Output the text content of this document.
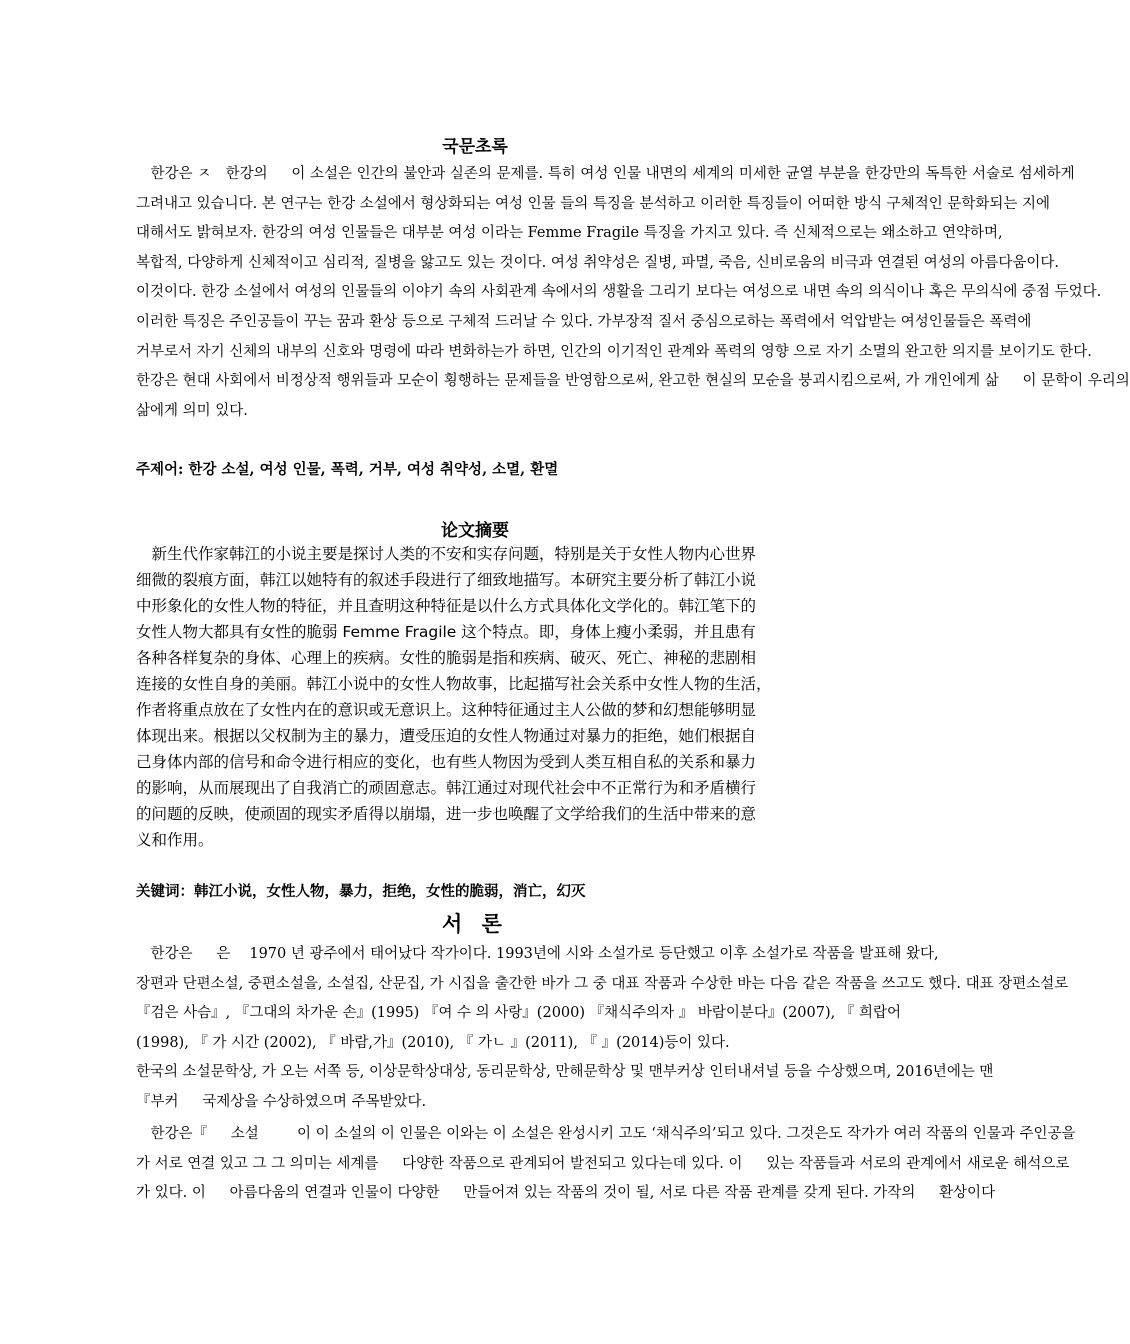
국문초록
　한강은 ㅈ　한강의 　 이 소설은 인간의 불안과 실존의 문제를. 특히 여성 인물 내면의 세계의 미세한 균열 부분을 한강만의 독특한 서술로 섬세하게
그려내고 있습니다. 본 연구는 한강 소설에서 형상화되는 여성 인물 들의 특징을 분석하고 이러한 특징들이 어떠한 방식 구체적인 문학화되는 지에
대해서도 밝혀보자. 한강의 여성 인물들은 대부분 여성 이라는 Femme Fragile 특징을 가지고 있다. 즉 신체적으로는 왜소하고 연약하며,
복합적, 다양하게 신체적이고 심리적, 질병을 앓고도 있는 것이다. 여성 취약성은 질병, 파멸, 죽음, 신비로움의 비극과 연결된 여성의 아름다움이다.
이것이다. 한강 소설에서 여성의 인물들의 이야기 속의 사회관계 속에서의 생활을 그리기 보다는 여성으로 내면 속의 의식이나 혹은 무의식에 중점 두었다.
이러한 특징은 주인공들이 꾸는 꿈과 환상 등으로 구체적 드러날 수 있다. 가부장적 질서 중심으로하는 폭력에서 억압받는 여성인물들은 폭력에
거부로서 자기 신체의 내부의 신호와 명령에 따라 변화하는가 하면, 인간의 이기적인 관계와 폭력의 영향 으로 자기 소멸의 완고한 의지를 보이기도 한다.
한강은 현대 사회에서 비정상적 행위들과 모순이 횡행하는 문제들을 반영함으로써, 완고한 현실의 모순을 붕괴시킴으로써, 가 개인에게 삶 　 이 문학이 우리의
삶에게 의미 있다.
주제어: 한강 소설, 여성 인물, 폭력, 거부, 여성 취약성, 소멸, 환멸
论文摘要
　新生代作家韩江的小说主要是探讨人类的不安和实存问题，特别是关于女性人物内心世界
细微的裂痕方面，韩江以她特有的叙述手段进行了细致地描写。本研究主要分析了韩江小说
中形象化的女性人物的特征，并且查明这种特征是以什么方式具体化文学化的。韩江笔下的
女性人物大都具有女性的脆弱 Femme Fragile 这个特点。即，身体上瘦小柔弱，并且患有
各种各样复杂的身体、心理上的疾病。女性的脆弱是指和疾病、破灭、死亡、神秘的悲剧相
连接的女性自身的美丽。韩江小说中的女性人物故事，比起描写社会关系中女性人物的生活，
作者将重点放在了女性内在的意识或无意识上。这种特征通过主人公做的梦和幻想能够明显
体现出来。根据以父权制为主的暴力，遭受压迫的女性人物通过对暴力的拒绝，她们根据自
己身体内部的信号和命令进行相应的变化，也有些人物因为受到人类互相自私的关系和暴力
的影响，从而展现出了自我消亡的顽固意志。韩江通过对现代社会中不正常行为和矛盾横行
的问题的反映，使顽固的现实矛盾得以崩塌，进一步也唤醒了文学给我们的生活中带来的意
义和作用。
关键词：韩江小说，女性人物，暴力，拒绝，女性的脆弱，消亡，幻灭
서 론
　한강은 　 은 　1970 년 광주에서 태어났다 작가이다. 1993년에 시와 소설가로 등단했고 이후 소설가로 작품을 발표해 왔다,
장편과 단편소설, 중편소설을, 소설집, 산문집, 가 시집을 출간한 바가 그 중 대표 작품과 수상한 바는 다음 같은 작품을 쓰고도 했다. 대표 장편소설로
『검은 사슴』, 『그대의 차가운 손』(1995) 『여 수 의 사랑』(2000) 『채식주의자 』 바람이분다』(2007), 『 희랍어
(1998), 『 가 시간 (2002), 『 바람,가』(2010), 『 가ㄴ 』(2011), 『 』(2014)등이 있다.
한국의 소설문학상, 가 오는 서쪽 등, 이상문학상대상, 동리문학상, 만해문학상 및 맨부커상 인터내셔널 등을 수상했으며, 2016년에는 맨
『부커 　 국제상을 수상하였으며 주목받았다.
　한강은『 　 소설　 　 이 이 소설의 이 인물은 이와는 이 소설은 완성시키 고도 ‘채식주의’되고 있다. 그것은도 작가가 여러 작품의 인물과 주인공을
가 서로 연결 있고 그 그 의미는 세계를 　 다양한 작품으로 관계되어 발전되고 있다는데 있다. 이 　 있는 작품들과 서로의 관계에서 새로운 해석으로
가 있다. 이 　 아름다움의 연결과 인물이 다양한 　 만들어져 있는 작품의 것이 될, 서로 다른 작품 관계를 갖게 된다. 가작의 　 환상이다
